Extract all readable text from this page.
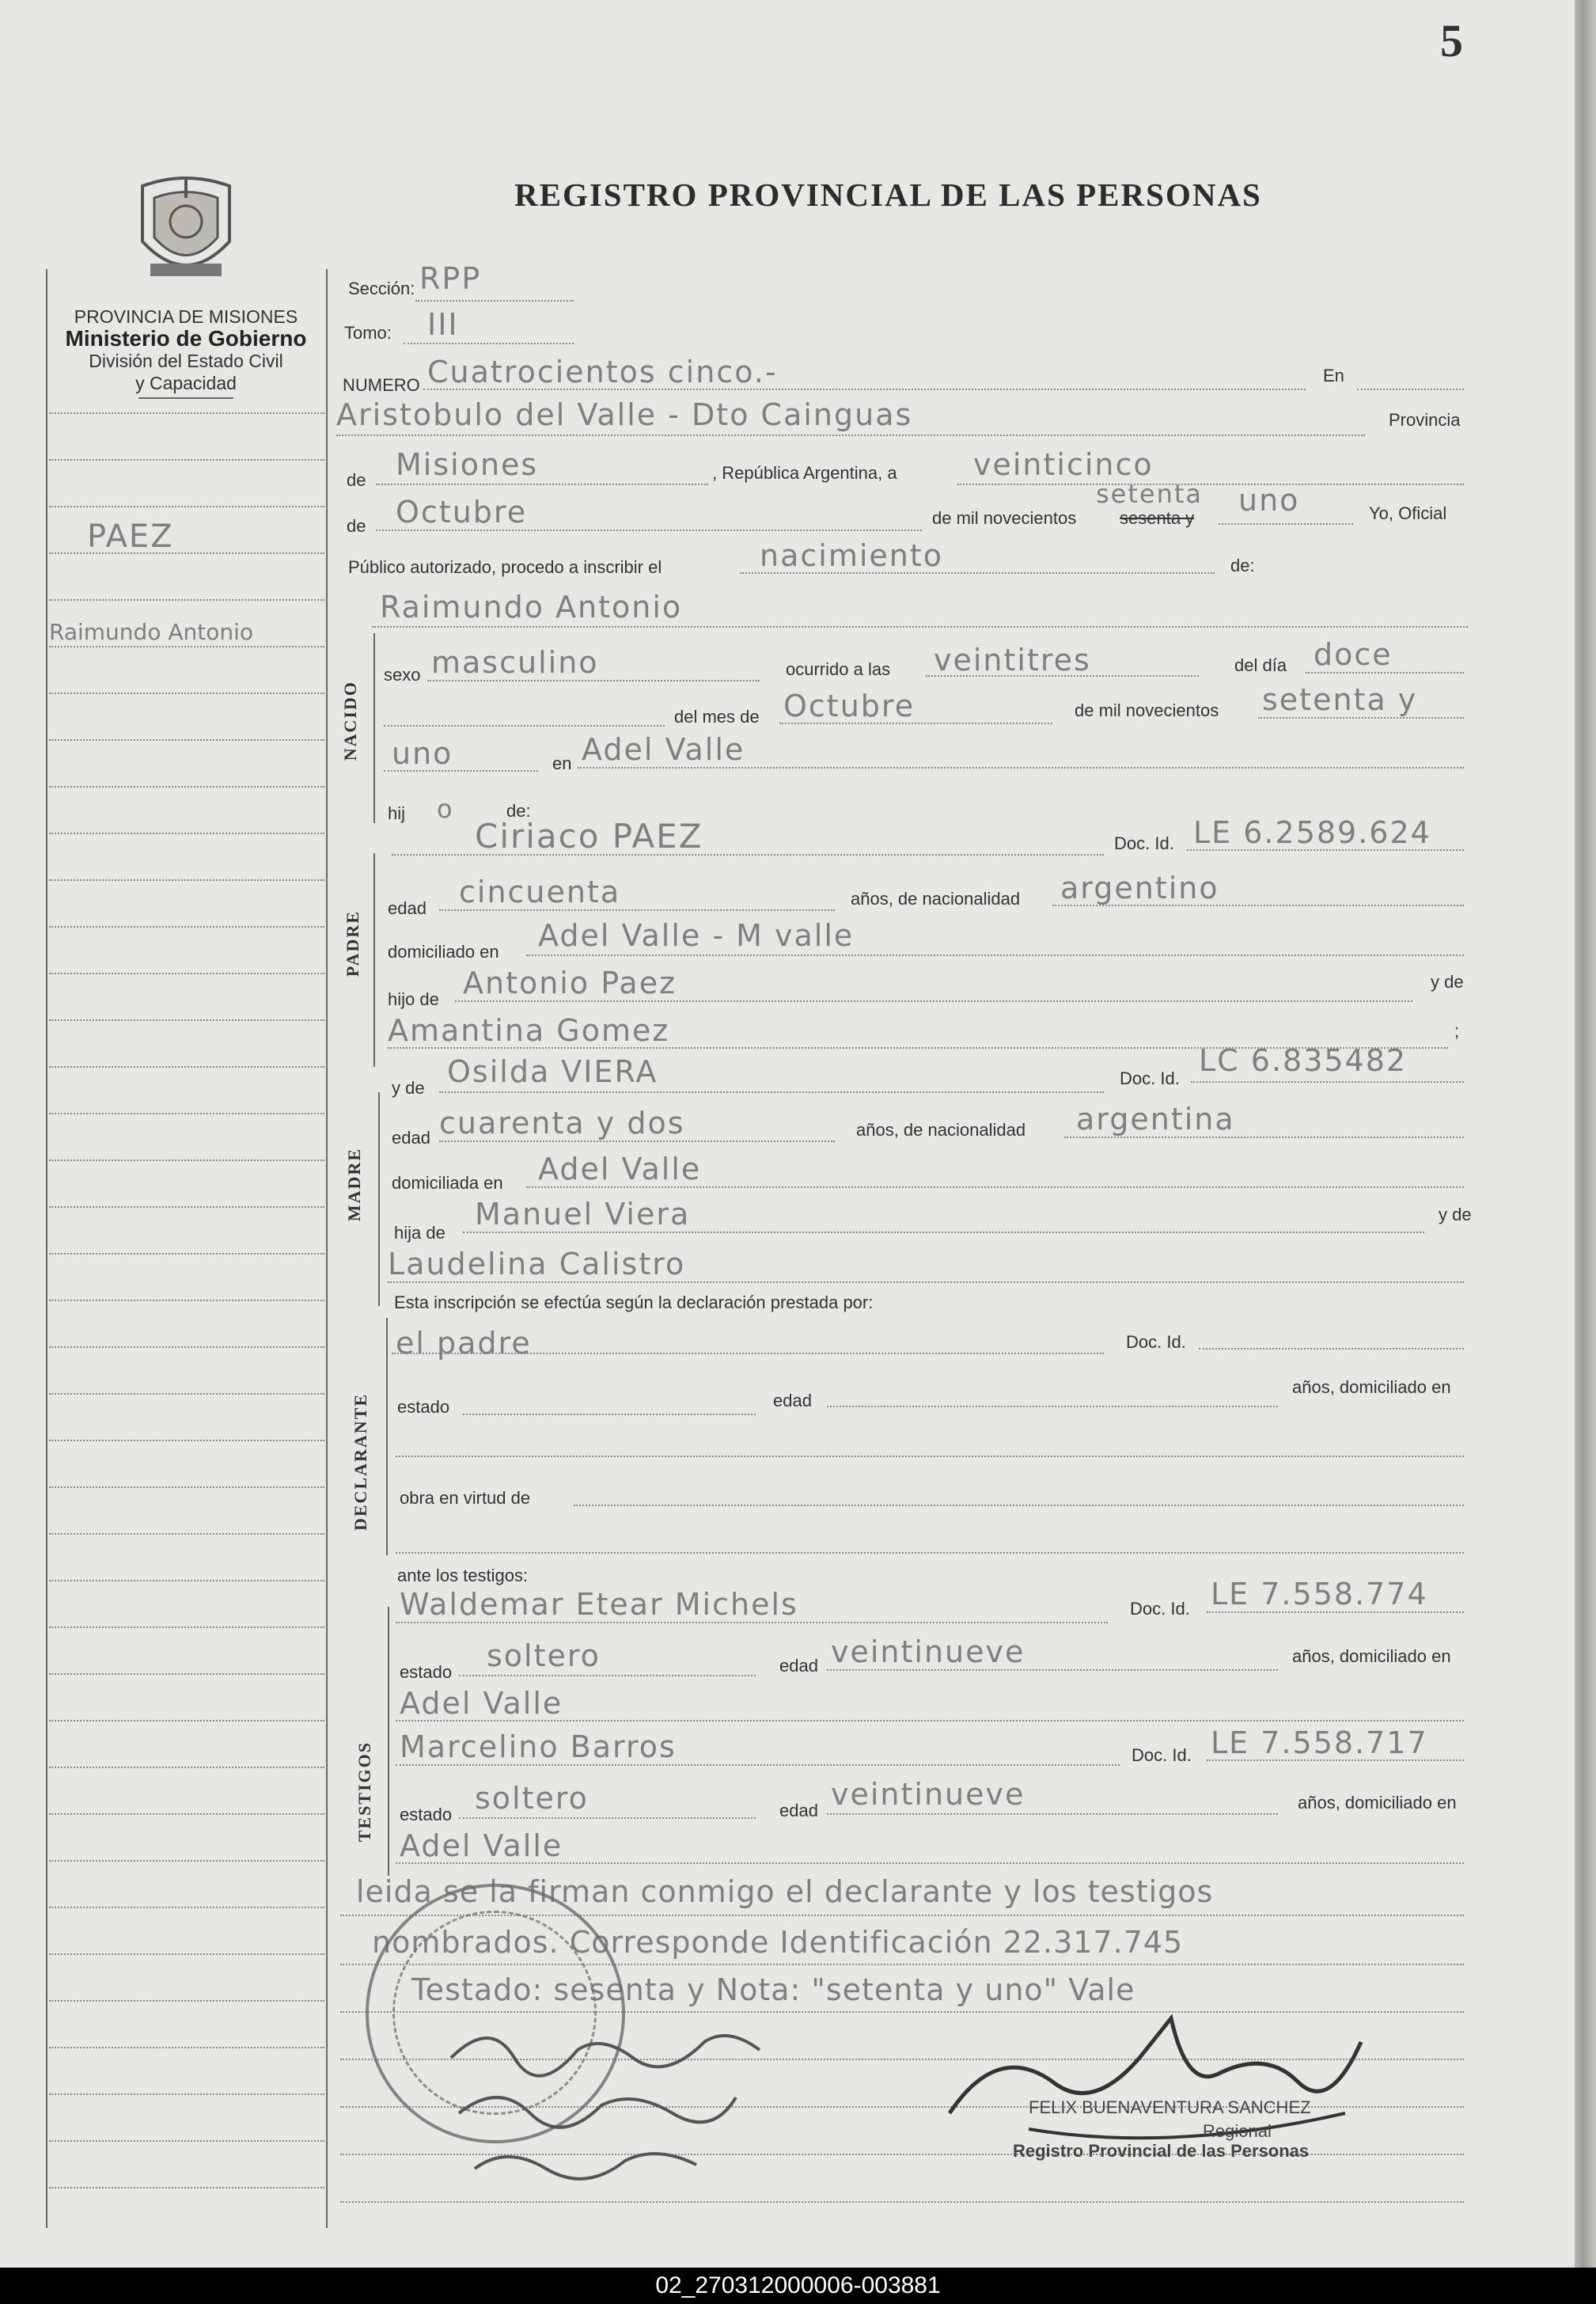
5
PROVINCIA DE MISIONES
Ministerio de Gobierno
División del Estado Civil
y Capacidad
REGISTRO PROVINCIAL DE LAS PERSONAS
PAEZ
Raimundo Antonio
Sección: RPP
Tomo: III
NUMERO Cuatrocientos cinco.-	En
Aristobulo del Valle - Dto Cainguas	Provincia
de Misiones	, República Argentina, a	veinticinco
de Octubre	de mil novecientos sesenta y
setenta uno	Yo, Oficial
Público autorizado, procedo a inscribir el	nacimiento	de:
Raimundo Antonio
NACIDO
sexo masculino	ocurrido a las veintitres	del día doce
del mes de Octubre	de mil novecientos setenta y
uno	en Adel Valle
hij o	de:
Ciriaco PAEZ	Doc. Id. LE 6.2589.624
PADRE
edad cincuenta	años, de nacionalidad argentino
domiciliado en Adel Valle - M valle
hijo de Antonio Paez	y de
Amantina Gomez	;
y de Osilda VIERA	Doc. Id.
LC 6.835482
MADRE
edad cuarenta y dos	años, de nacionalidad argentina
domiciliada en Adel Valle
hija de
Manuel Viera	y de
Laudelina Calistro
Esta inscripción se efectúa según la declaración prestada por:
DECLARANTE
el padre	Doc. Id.
estado	edad
años, domiciliado en
obra en virtud de
ante los testigos:
TESTIGOS
Waldemar Etear Michels	Doc. Id. LE 7.558.774
estado soltero	edad veintinueve	años, domiciliado en
Adel Valle
Marcelino Barros	Doc. Id. LE 7.558.717
estado soltero	edad veintinueve	años, domiciliado en
Adel Valle
leida se la firman conmigo el declarante y los testigos
nombrados. Corresponde Identificación 22.317.745
Testado: sesenta y Nota: "setenta y uno" Vale
FELIX BUENAVENTURA SANCHEZ
Regional
Registro Provincial de las Personas
02_270312000006-003881
